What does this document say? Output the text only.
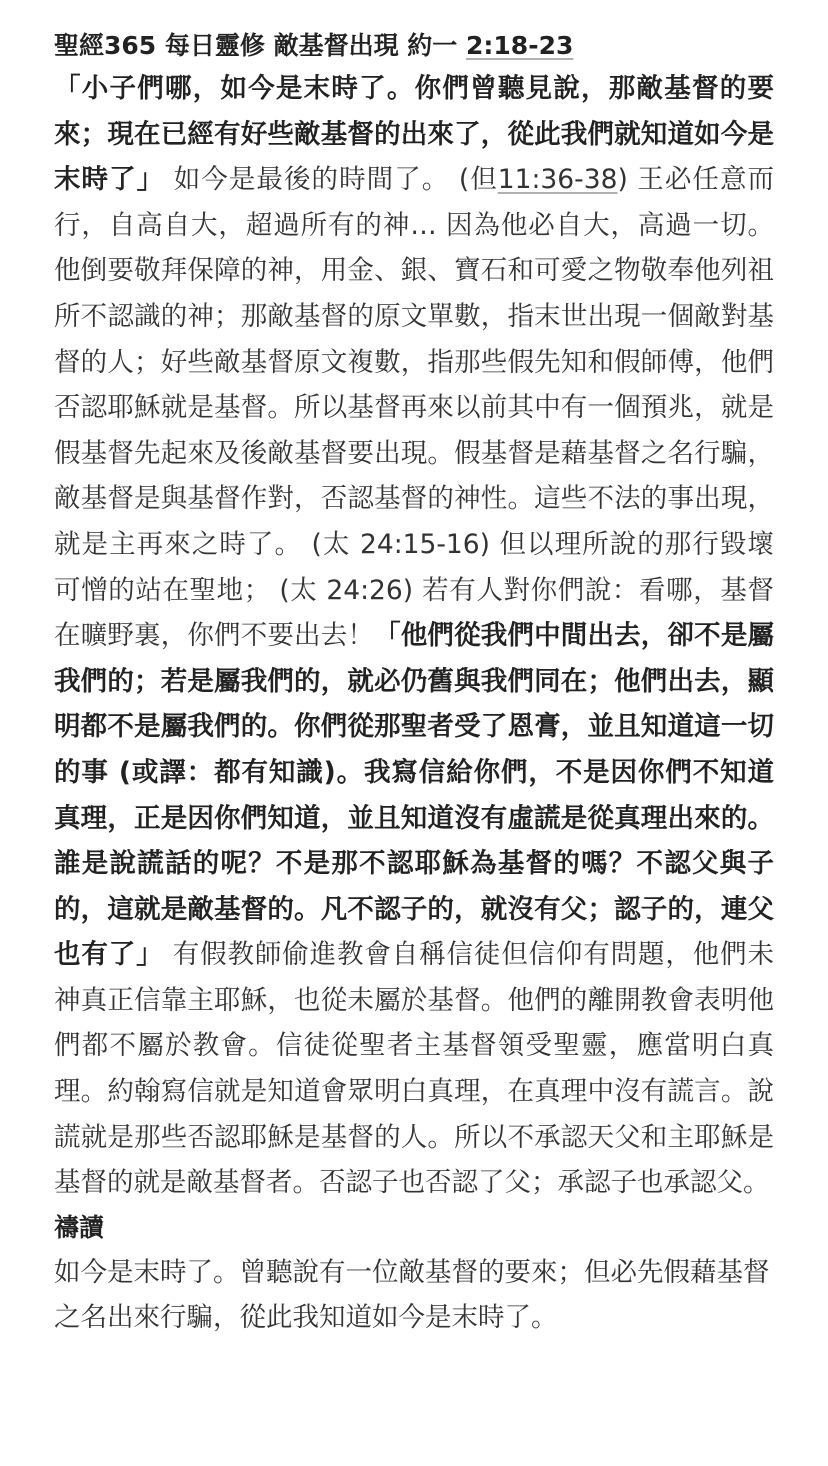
聖經365 每日靈修 敵基督出現 約一 2:18-23

「小子們哪，如今是末時了。你們曾聽見說，那敵基督的要來；現在已經有好些敵基督的出來了，從此我們就知道如今是末時了」 如今是最後的時間了。 (但11:36-38) 王必任意而行，自高自大，超過所有的神… 因為他必自大，高過一切。他倒要敬拜保障的神，用金、銀、寶石和可愛之物敬奉他列祖所不認識的神；那敵基督的原文單數，指末世出現一個敵對基督的人；好些敵基督原文複數，指那些假先知和假師傅，他們否認耶穌就是基督。所以基督再來以前其中有一個預兆，就是假基督先起來及後敵基督要出現。假基督是藉基督之名行騙，敵基督是與基督作對，否認基督的神性。這些不法的事出現，就是主再來之時了。 (太 24:15-16) 但以理所說的那行毀壞可憎的站在聖地； (太 24:26) 若有人對你們說：看哪，基督在曠野裏，你們不要出去！「他們從我們中間出去，卻不是屬我們的；若是屬我們的，就必仍舊與我們同在；他們出去，顯明都不是屬我們的。你們從那聖者受了恩膏，並且知道這一切的事 (或譯：都有知識)。我寫信給你們，不是因你們不知道真理，正是因你們知道，並且知道沒有虛謊是從真理出來的。誰是說謊話的呢？不是那不認耶穌為基督的嗎？不認父與子的，這就是敵基督的。凡不認子的，就沒有父；認子的，連父也有了」 有假教師偷進教會自稱信徒但信仰有問題，他們未神真正信靠主耶穌，也從未屬於基督。他們的離開教會表明他們都不屬於教會。信徒從聖者主基督領受聖靈，應當明白真理。約翰寫信就是知道會眾明白真理，在真理中沒有謊言。說謊就是那些否認耶穌是基督的人。所以不承認天父和主耶穌是基督的就是敵基督者。否認子也否認了父；承認子也承認父。

禱讀

如今是末時了。曾聽說有一位敵基督的要來；但必先假藉基督之名出來行騙，從此我知道如今是末時了。
